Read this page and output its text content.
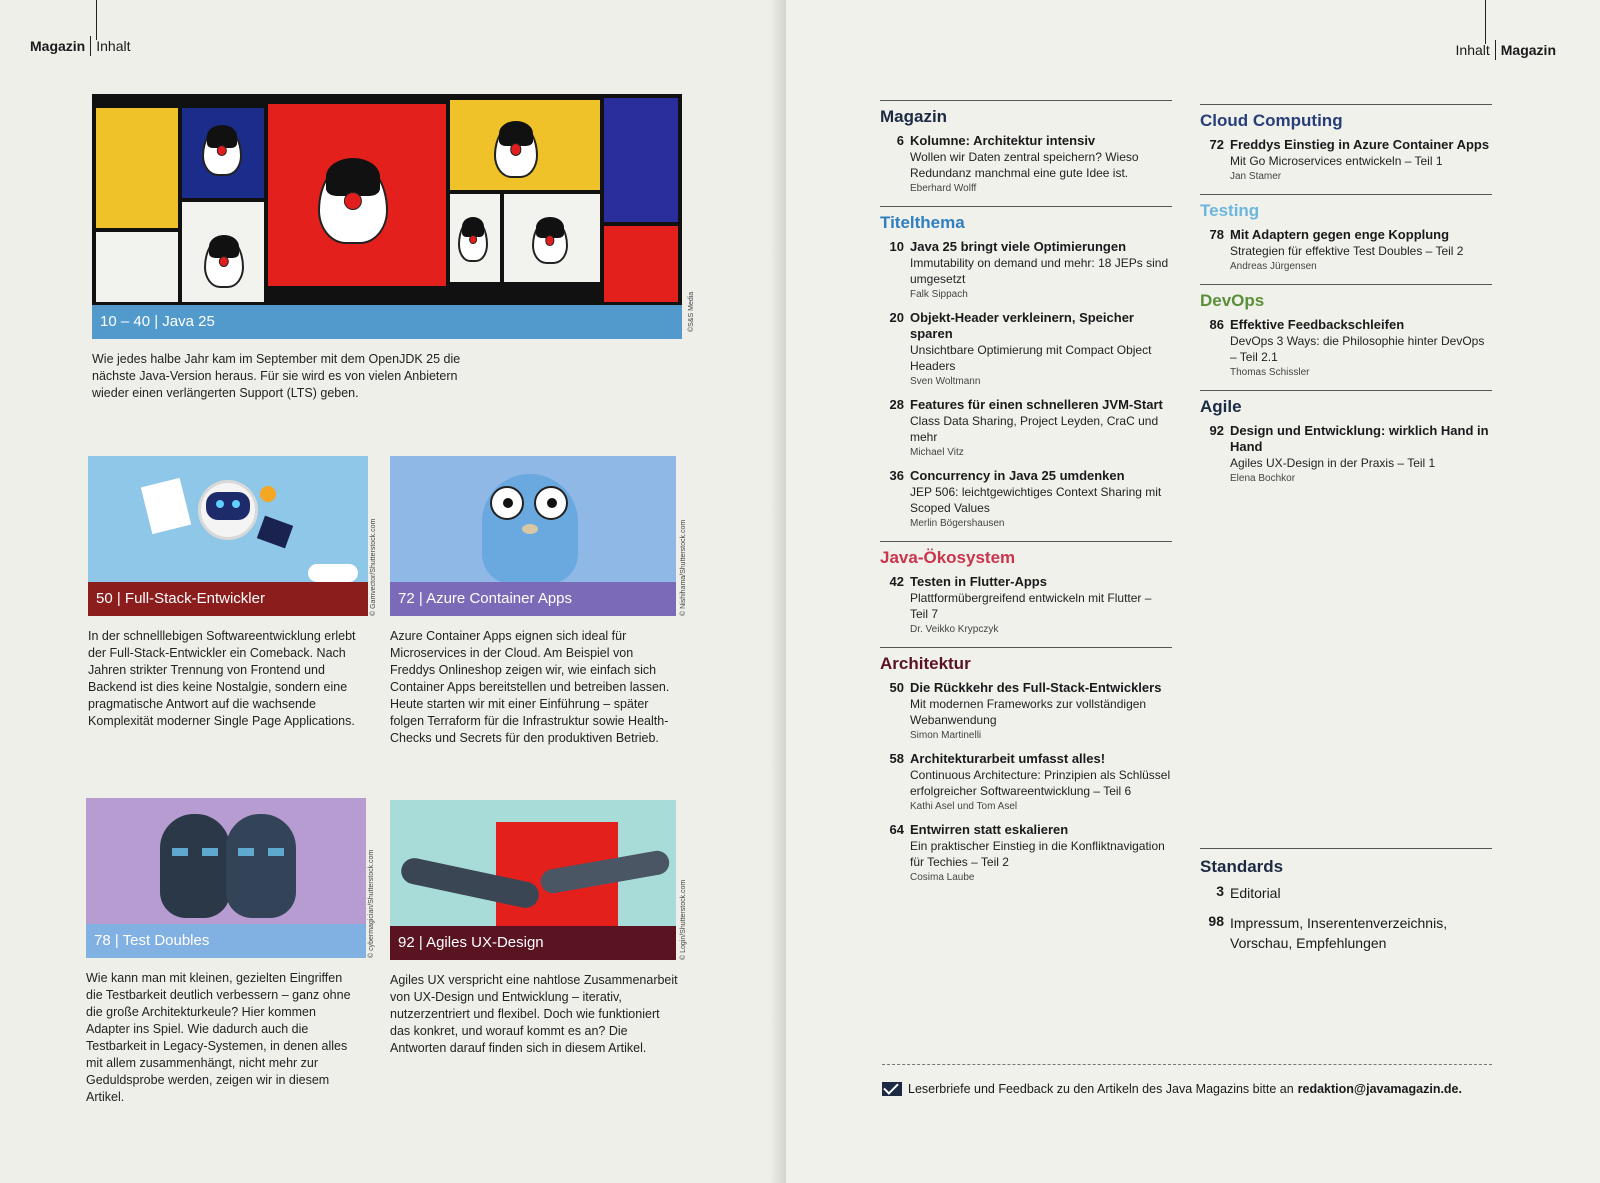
Magazin Inhalt
10 – 40 | Java 25	©S&S Media

Wie jedes halbe Jahr kam im September mit dem OpenJDK 25 die nächste Java-Version heraus. Für sie wird es von vielen Anbietern wieder einen verlängerten Support (LTS) geben.

50 | Full-Stack-Entwickler	© Gamvector/Shutterstock.com

In der schnelllebigen Softwareentwicklung erlebt der Full-Stack-Entwickler ein Comeback. Nach Jahren strikter Trennung von Frontend und Backend ist dies keine Nostalgie, sondern eine pragmatische Antwort auf die wachsende Komplexität moderner Single Page Applications.

72 | Azure Container Apps	© Nishihama/Shutterstock.com

Azure Container Apps eignen sich ideal für Microservices in der Cloud. Am Beispiel von Freddys Onlineshop zeigen wir, wie einfach sich Container Apps bereitstellen und betreiben lassen. Heute starten wir mit einer Einführung – später folgen Terraform für die Infrastruktur sowie Health-Checks und Secrets für den produktiven Betrieb.

78 | Test Doubles	© cybermagician/Shutterstock.com

Wie kann man mit kleinen, gezielten Eingriffen die Testbarkeit deutlich verbessern – ganz ohne die große Architekturkeule? Hier kommen Adapter ins Spiel. Wie dadurch auch die Testbarkeit in Legacy-Systemen, in denen alles mit allem zusammenhängt, nicht mehr zur Geduldsprobe werden, zeigen wir in diesem Artikel.

92 | Agiles UX-Design	© Login/Shutterstock.com

Agiles UX verspricht eine nahtlose Zusammenarbeit von UX-Design und Entwicklung – iterativ, nutzerzentriert und flexibel. Doch wie funktioniert das konkret, und worauf kommt es an? Die Antworten darauf finden sich in diesem Artikel.

Inhalt Magazin
Magazin
6 Kolumne: Architektur intensiv
Wollen wir Daten zentral speichern? Wieso Redundanz manchmal eine gute Idee ist.
Eberhard Wolff
Titelthema
10 Java 25 bringt viele Optimierungen
Immutability on demand und mehr: 18 JEPs sind umgesetzt
Falk Sippach
20 Objekt-Header verkleinern, Speicher sparen
Unsichtbare Optimierung mit Compact Object Headers
Sven Woltmann
28 Features für einen schnelleren JVM-Start
Class Data Sharing, Project Leyden, CraC und mehr
Michael Vitz
36 Concurrency in Java 25 umdenken
JEP 506: leichtgewichtiges Context Sharing mit Scoped Values
Merlin Bögershausen
Java-Ökosystem
42 Testen in Flutter-Apps
Plattformübergreifend entwickeln mit Flutter – Teil 7
Dr. Veikko Krypczyk
Architektur
50 Die Rückkehr des Full-Stack-Entwicklers
Mit modernen Frameworks zur vollständigen Webanwendung
Simon Martinelli
58 Architekturarbeit umfasst alles!
Continuous Architecture: Prinzipien als Schlüssel erfolgreicher Softwareentwicklung – Teil 6
Kathi Asel und Tom Asel
64 Entwirren statt eskalieren
Ein praktischer Einstieg in die Konfliktnavigation für Techies – Teil 2
Cosima Laube
Cloud Computing
72 Freddys Einstieg in Azure Container Apps
Mit Go Microservices entwickeln – Teil 1
Jan Stamer
Testing
78 Mit Adaptern gegen enge Kopplung
Strategien für effektive Test Doubles – Teil 2
Andreas Jürgensen
DevOps
86 Effektive Feedbackschleifen
DevOps 3 Ways: die Philosophie hinter DevOps – Teil 2.1
Thomas Schissler
Agile
92 Design und Entwicklung: wirklich Hand in Hand
Agiles UX-Design in der Praxis – Teil 1
Elena Bochkor
Standards
3 Editorial
98 Impressum, Inserentenverzeichnis, Vorschau, Empfehlungen
Leserbriefe und Feedback zu den Artikeln des Java Magazins bitte an redaktion@javamagazin.de.
